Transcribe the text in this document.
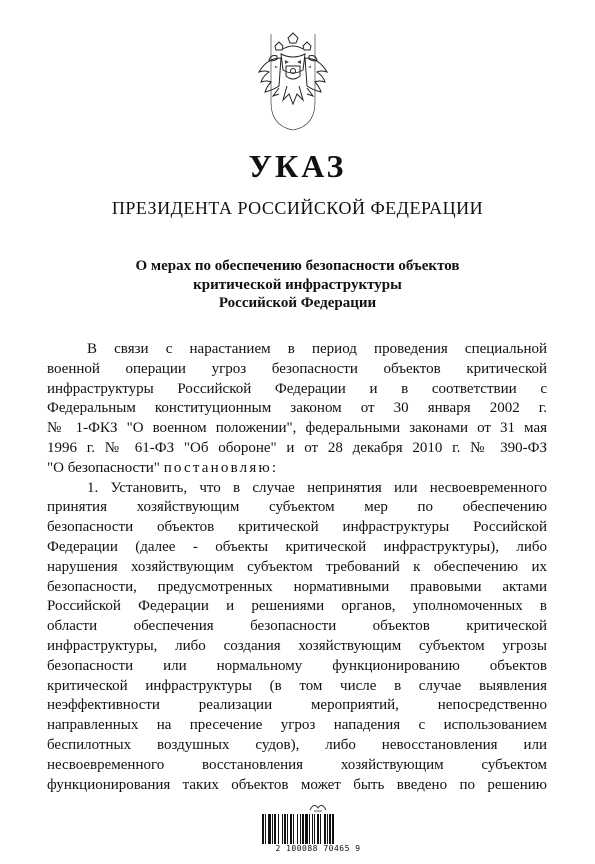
УКАЗ
ПРЕЗИДЕНТА РОССИЙСКОЙ ФЕДЕРАЦИИ
О мерах по обеспечению безопасности объектов
критической инфраструктуры
Российской Федерации
В связи с нарастанием в период проведения специальной
военной операции угроз безопасности объектов критической
инфраструктуры Российской Федерации и в соответствии с
Федеральным конституционным законом от 30 января 2002 г.
№ 1-ФКЗ "О военном положении", федеральными законами от 31 мая
1996 г. № 61-ФЗ "Об обороне" и от 28 декабря 2010 г. № 390-ФЗ
"О безопасности" постановляю:
1. Установить, что в случае непринятия или несвоевременного
принятия хозяйствующим субъектом мер по обеспечению
безопасности объектов критической инфраструктуры Российской
Федерации (далее - объекты критической инфраструктуры), либо
нарушения хозяйствующим субъектом требований к обеспечению их
безопасности, предусмотренных нормативными правовыми актами
Российской Федерации и решениями органов, уполномоченных в
области обеспечения безопасности объектов критической
инфраструктуры, либо создания хозяйствующим субъектом угрозы
безопасности или нормальному функционированию объектов
критической инфраструктуры (в том числе в случае выявления
неэффективности реализации мероприятий, непосредственно
направленных на пресечение угроз нападения с использованием
беспилотных воздушных судов), либо невосстановления или
несвоевременного восстановления хозяйствующим субъектом
функционирования таких объектов может быть введено по решению
2 100088 70465 9
